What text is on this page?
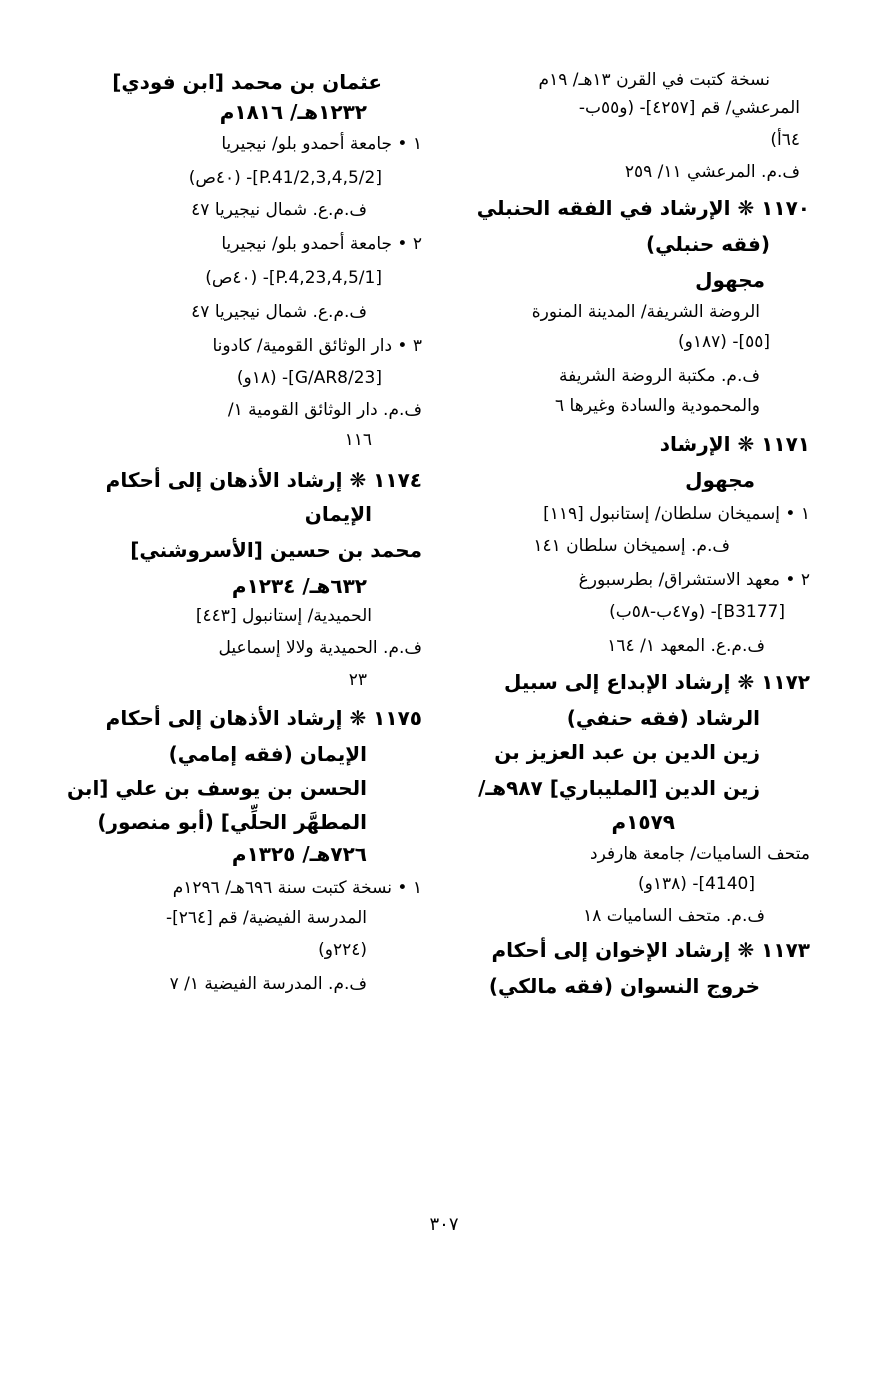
نسخة كتبت في القرن ١٣هـ/ ١٩م
المرعشي/ قم [٤٢٥٧]- (و٥٥ب-
٦٤أ)
ف.م. المرعشي ١١/ ٢٥٩
١١٧٠ ❋ الإرشاد في الفقه الحنبلي
(فقه حنبلي)
مجهول
الروضة الشريفة/ المدينة المنورة
[٥٥]- (١٨٧و)
ف.م. مكتبة الروضة الشريفة
والمحمودية والسادة وغيرها ٦
١١٧١ ❋ الإرشاد
مجهول
١ • إسميخان سلطان/ إستانبول [١١٩]
ف.م. إسميخان سلطان ١٤١
٢ • معهد الاستشراق/ بطرسبورغ
[B3177]- (و٤٧ب-٥٨ب)
ف.م.ع. المعهد ١/ ١٦٤
١١٧٢ ❋ إرشاد الإبداع إلى سبيل
الرشاد (فقه حنفي)
زين الدين بن عبد العزيز بن
زين الدين [المليباري] ٩٨٧هـ/
١٥٧٩م
متحف الساميات/ جامعة هارفرد
[4140]- (١٣٨و)
ف.م. متحف الساميات ١٨
١١٧٣ ❋ إرشاد الإخوان إلى أحكام
خروج النسوان (فقه مالكي)
عثمان بن محمد [ابن فودي]
١٢٣٢هـ/ ١٨١٦م
١ • جامعة أحمدو بلو/ نيجيريا
[2/P.41/2,3,4,5]- (٤٠ص)
ف.م.ع. شمال نيجيريا ٤٧
٢ • جامعة أحمدو بلو/ نيجيريا
[1/P.4,23,4,5]- (٤٠ص)
ف.م.ع. شمال نيجيريا ٤٧
٣ • دار الوثائق القومية/ كادونا
[G/AR8/23]- (١٨و)
ف.م. دار الوثائق القومية ١/
١١٦
١١٧٤ ❋ إرشاد الأذهان إلى أحكام
الإيمان
محمد بن حسين [الأسروشني]
٦٣٢هـ/ ١٢٣٤م
الحميدية/ إستانبول [٤٤٣]
ف.م. الحميدية ولالا إسماعيل
٢٣
١١٧٥ ❋ إرشاد الأذهان إلى أحكام
الإيمان (فقه إمامي)
الحسن بن يوسف بن علي [ابن
المطهَّر الحلِّي] (أبو منصور)
٧٢٦هـ/ ١٣٢٥م
١ • نسخة كتبت سنة ٦٩٦هـ/ ١٢٩٦م
المدرسة الفيضية/ قم [٢٦٤]-
(٢٢٤و)
ف.م. المدرسة الفيضية ١/ ٧
٣٠٧
